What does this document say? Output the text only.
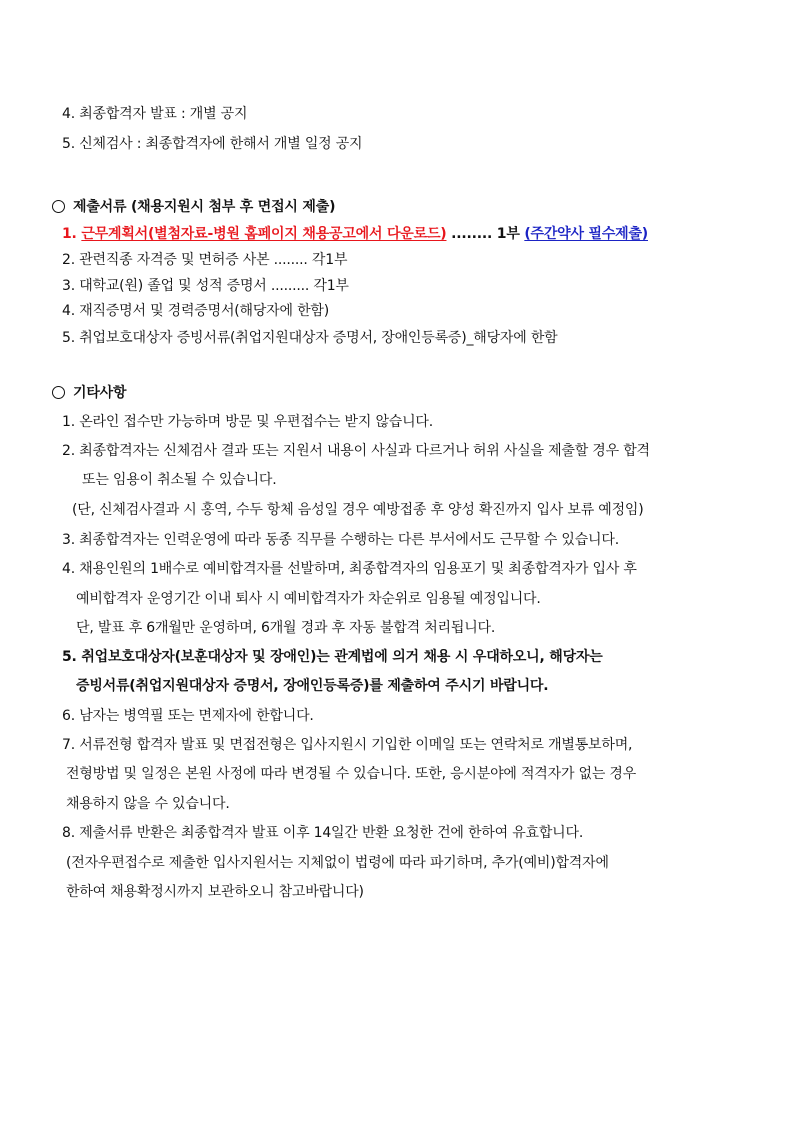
4. 최종합격자 발표 : 개별 공지
5. 신체검사 : 최종합격자에 한해서 개별 일정 공지
제출서류 (채용지원시 첨부 후 면접시 제출)
1. 근무계획서(별첨자료-병원 홈페이지 채용공고에서 다운로드) ........ 1부 (주간약사 필수제출)
2. 관련직종 자격증 및 면허증 사본 ........ 각1부
3. 대학교(원) 졸업 및 성적 증명서 ......... 각1부
4. 재직증명서 및 경력증명서(해당자에 한함)
5. 취업보호대상자 증빙서류(취업지원대상자 증명서, 장애인등록증)_해당자에 한함
기타사항
1. 온라인 접수만 가능하며 방문 및 우편접수는 받지 않습니다.
2. 최종합격자는 신체검사 결과 또는 지원서 내용이 사실과 다르거나 허위 사실을 제출할 경우 합격
또는 임용이 취소될 수 있습니다.
(단, 신체검사결과 시 홍역, 수두 항체 음성일 경우 예방접종 후 양성 확진까지 입사 보류 예정임)
3. 최종합격자는 인력운영에 따라 동종 직무를 수행하는 다른 부서에서도 근무할 수 있습니다.
4. 채용인원의 1배수로 예비합격자를 선발하며, 최종합격자의 임용포기 및 최종합격자가 입사 후
예비합격자 운영기간 이내 퇴사 시 예비합격자가 차순위로 임용될 예정입니다.
단, 발표 후 6개월만 운영하며, 6개월 경과 후 자동 불합격 처리됩니다.
5. 취업보호대상자(보훈대상자 및 장애인)는 관계법에 의거 채용 시 우대하오니, 해당자는
증빙서류(취업지원대상자 증명서, 장애인등록증)를 제출하여 주시기 바랍니다.
6. 남자는 병역필 또는 면제자에 한합니다.
7. 서류전형 합격자 발표 및 면접전형은 입사지원시 기입한 이메일 또는 연락처로 개별통보하며,
전형방법 및 일정은 본원 사정에 따라 변경될 수 있습니다. 또한, 응시분야에 적격자가 없는 경우
채용하지 않을 수 있습니다.
8. 제출서류 반환은 최종합격자 발표 이후 14일간 반환 요청한 건에 한하여 유효합니다.
(전자우편접수로 제출한 입사지원서는 지체없이 법령에 따라 파기하며, 추가(예비)합격자에
한하여 채용확정시까지 보관하오니 참고바랍니다)
